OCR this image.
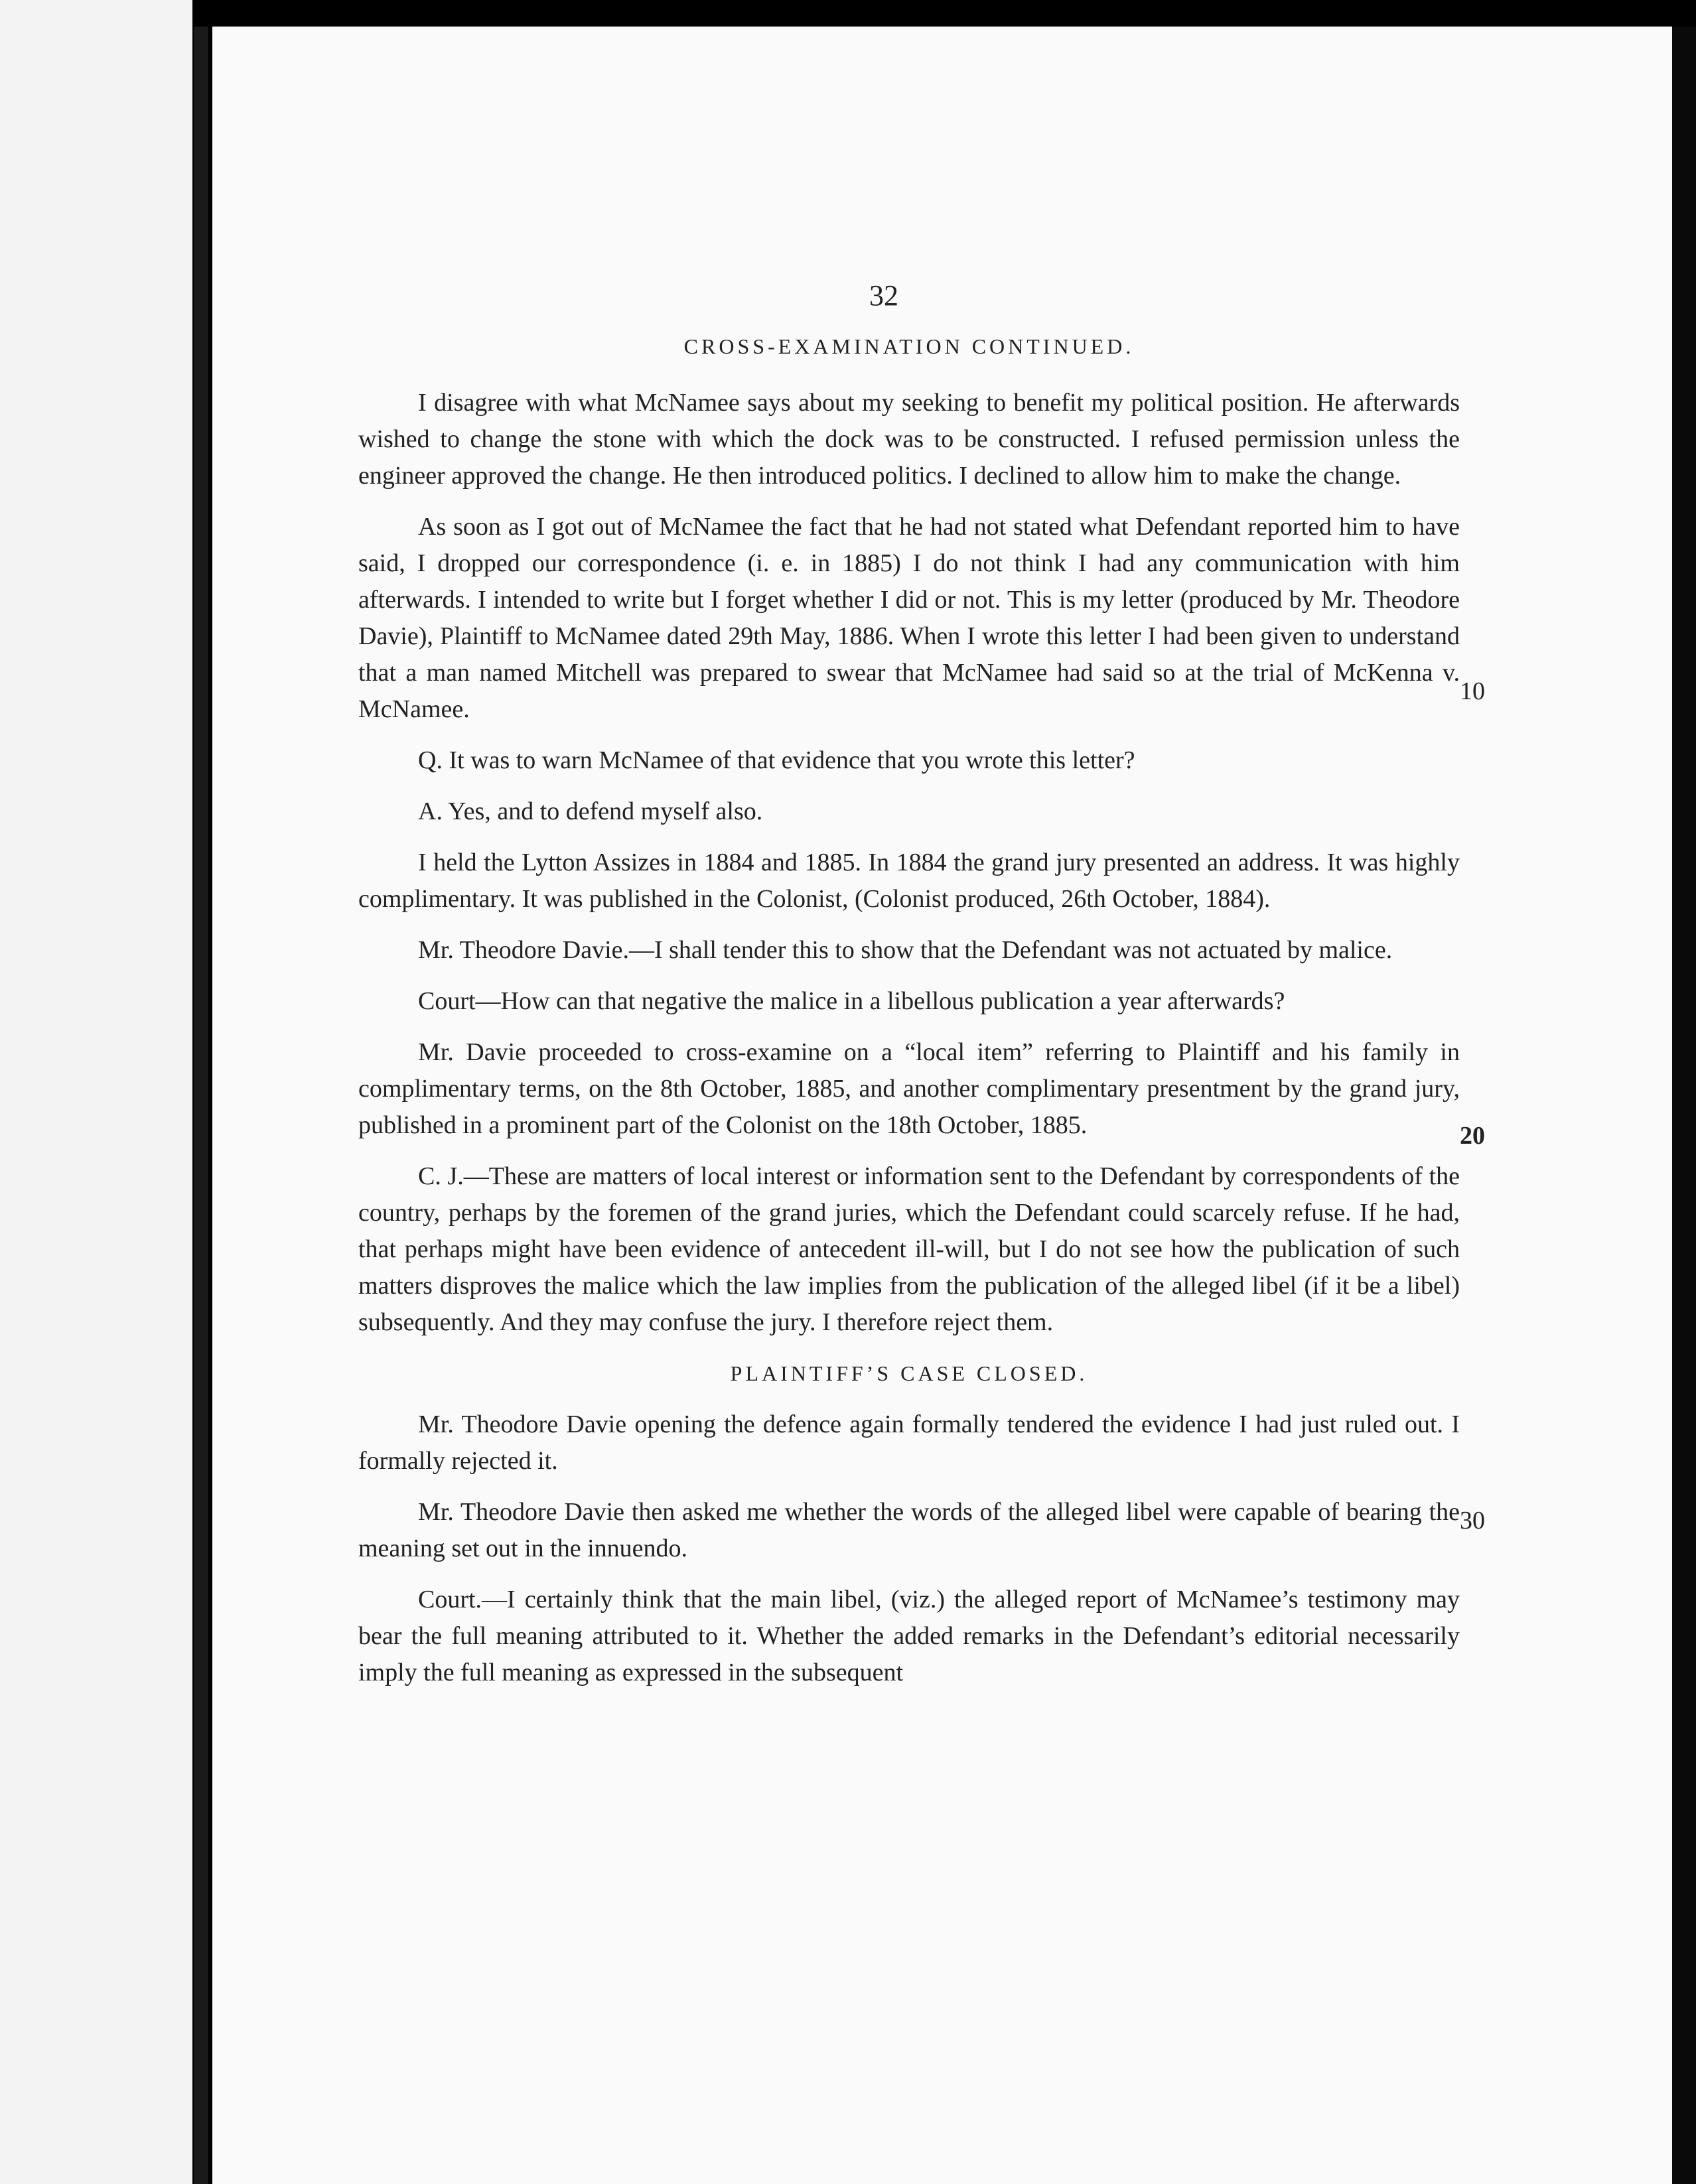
32
CROSS-EXAMINATION CONTINUED.

I disagree with what McNamee says about my seeking to benefit my political position. He afterwards wished to change the stone with which the dock was to be constructed. I refused permission unless the engineer approved the change. He then introduced politics. I declined to allow him to make the change.

As soon as I got out of McNamee the fact that he had not stated what Defendant reported him to have said, I dropped our correspondence (i. e. in 1885) I do not think I had any communication with him afterwards. I intended to write but I forget whether I did or not. This is my letter (produced by Mr. Theodore Davie), Plaintiff to McNamee dated 29th May, 1886. When I wrote this letter I had been given to understand that a man named Mitchell was prepared to swear that McNamee had said so at the trial of McKenna v. McNamee.

Q. It was to warn McNamee of that evidence that you wrote this letter?

A. Yes, and to defend myself also.

I held the Lytton Assizes in 1884 and 1885. In 1884 the grand jury presented an address. It was highly complimentary. It was published in the Colonist, (Colonist produced, 26th October, 1884).

Mr. Theodore Davie.—I shall tender this to show that the Defendant was not actuated by malice.

Court—How can that negative the malice in a libellous publication a year afterwards?

Mr. Davie proceeded to cross-examine on a “local item” referring to Plaintiff and his family in complimentary terms, on the 8th October, 1885, and another complimentary presentment by the grand jury, published in a prominent part of the Colonist on the 18th October, 1885.

C. J.—These are matters of local interest or information sent to the Defendant by correspondents of the country, perhaps by the foremen of the grand juries, which the Defendant could scarcely refuse. If he had, that perhaps might have been evidence of antecedent ill-will, but I do not see how the publication of such matters disproves the malice which the law implies from the publication of the alleged libel (if it be a libel) subsequently. And they may confuse the jury. I therefore reject them.

PLAINTIFF’S CASE CLOSED.

Mr. Theodore Davie opening the defence again formally tendered the evidence I had just ruled out. I formally rejected it.

Mr. Theodore Davie then asked me whether the words of the alleged libel were capable of bearing the meaning set out in the innuendo.

Court.—I certainly think that the main libel, (viz.) the alleged report of McNamee’s testimony may bear the full meaning attributed to it. Whether the added remarks in the Defendant’s editorial necessarily imply the full meaning as expressed in the subsequent

10
20
30
